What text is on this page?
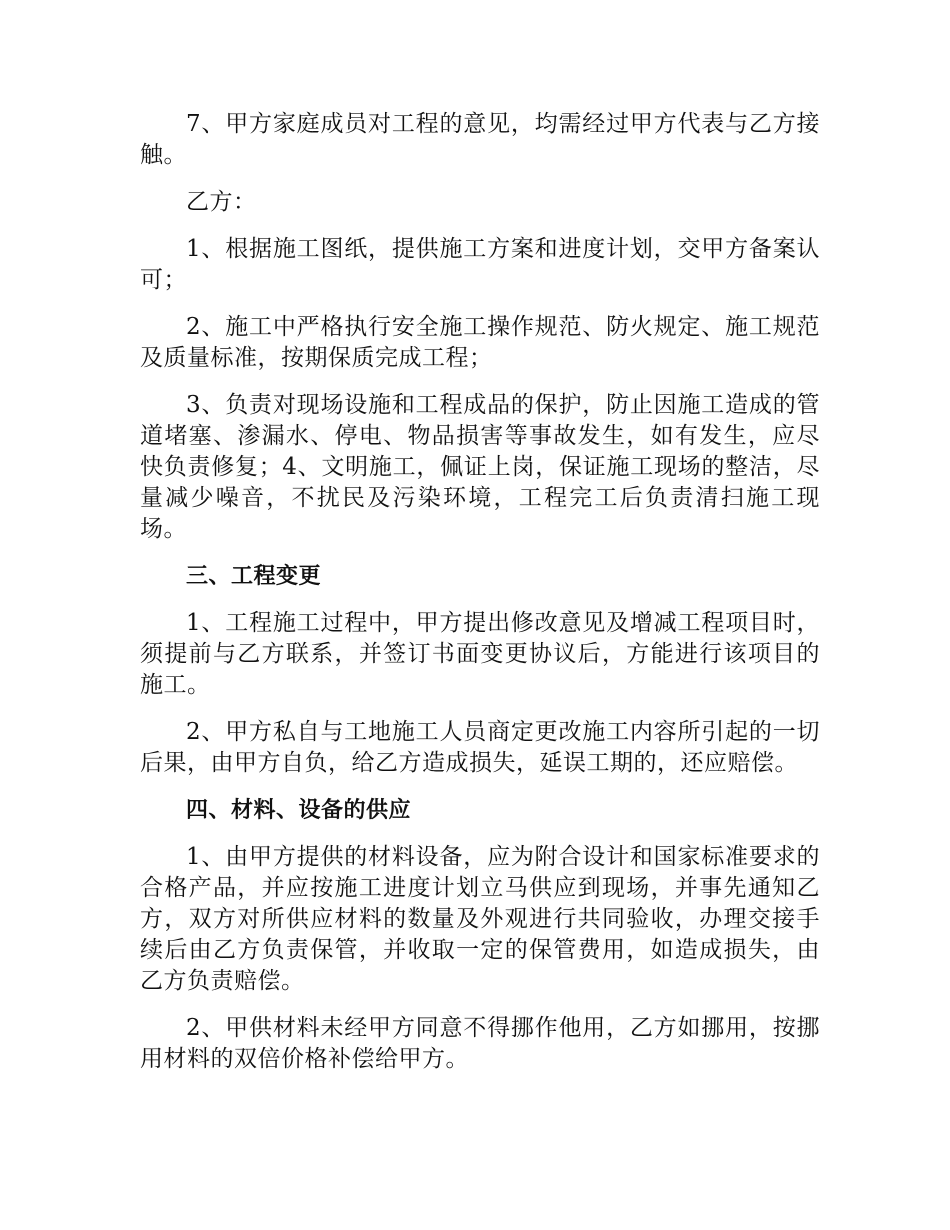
7、甲方家庭成员对工程的意见，均需经过甲方代表与乙方接触。

乙方：

1、根据施工图纸，提供施工方案和进度计划，交甲方备案认可；

2、施工中严格执行安全施工操作规范、防火规定、施工规范及质量标准，按期保质完成工程；

3、负责对现场设施和工程成品的保护，防止因施工造成的管道堵塞、渗漏水、停电、物品损害等事故发生，如有发生，应尽快负责修复；4、文明施工，佩证上岗，保证施工现场的整洁，尽量减少噪音，不扰民及污染环境，工程完工后负责清扫施工现场。

三、工程变更

1、工程施工过程中，甲方提出修改意见及增减工程项目时，须提前与乙方联系，并签订书面变更协议后，方能进行该项目的施工。

2、甲方私自与工地施工人员商定更改施工内容所引起的一切后果，由甲方自负，给乙方造成损失，延误工期的，还应赔偿。

四、材料、设备的供应

1、由甲方提供的材料设备，应为附合设计和国家标准要求的合格产品，并应按施工进度计划立马供应到现场，并事先通知乙方，双方对所供应材料的数量及外观进行共同验收，办理交接手续后由乙方负责保管，并收取一定的保管费用，如造成损失，由乙方负责赔偿。

2、甲供材料未经甲方同意不得挪作他用，乙方如挪用，按挪用材料的双倍价格补偿给甲方。
